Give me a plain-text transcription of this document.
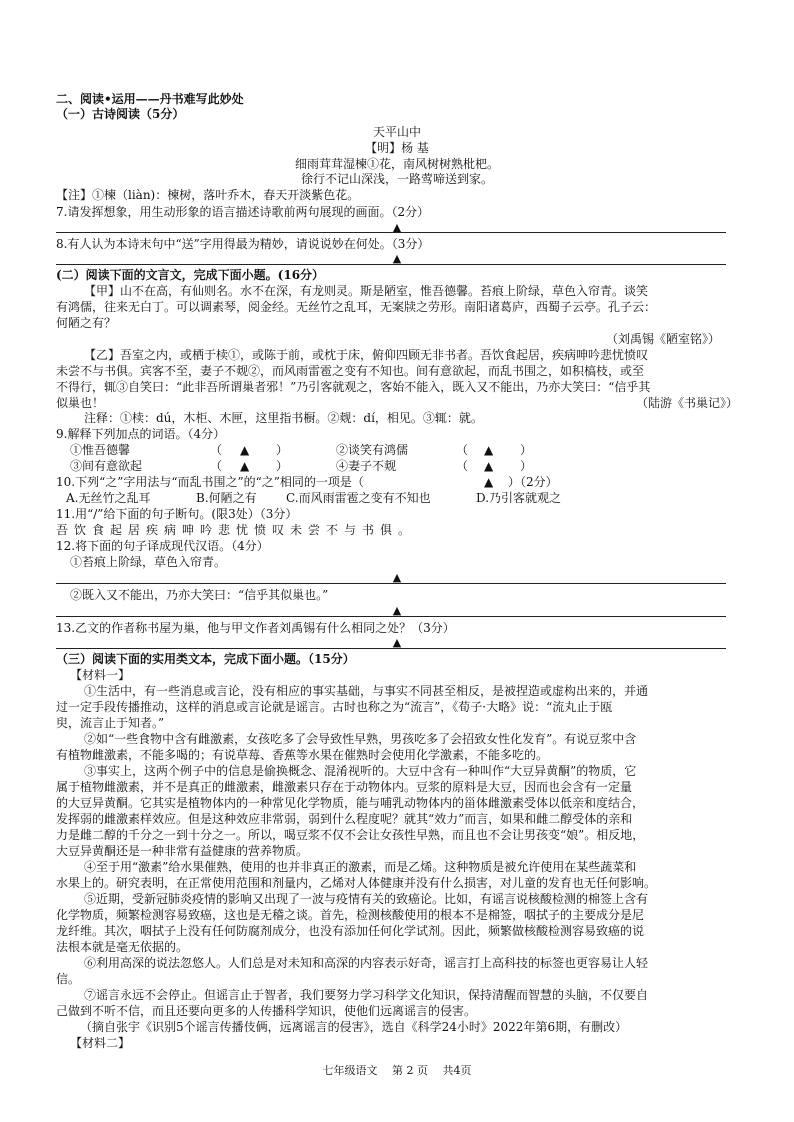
二、阅读•运用——丹书难写此妙处
（一）古诗阅读（5分）
天平山中
【明】杨 基
细雨茸茸湿楝①花，南风树树熟枇杷。
徐行不记山深浅，一路莺啼送到家。
【注】①楝（liàn)：楝树，落叶乔木，春天开淡紫色花。
7.请发挥想象，用生动形象的语言描述诗歌前两句展现的画面。（2分）
▲
8.有人认为本诗末句中“送”字用得最为精妙，请说说妙在何处。（3分）
▲
(二）阅读下面的文言文，完成下面小题。(16分）
【甲】山不在高，有仙则名。水不在深，有龙则灵。斯是陋室，惟吾德馨。苔痕上阶绿，草色入帘青。谈笑
有鸿儒，往来无白丁。可以调素琴，阅金经。无丝竹之乱耳，无案牍之劳形。南阳诸葛庐，西蜀子云亭。孔子云：
何陋之有？
（刘禹锡《陋室铭》）
【乙】吾室之内，或栖于椟①，或陈于前，或枕于床，俯仰四顾无非书者。吾饮食起居，疾病呻吟悲忧愤叹
未尝不与书俱。宾客不至，妻子不觌②，而风雨雷雹之变有不知也。间有意欲起，而乱书围之，如积槁枝，或至
不得行，辄③自笑曰：“此非吾所谓巢者邪！”乃引客就观之，客始不能入，既入又不能出，乃亦大笑曰：“信乎其
似巢也！	（陆游《书巢记》）
注释：①椟：dú，木柜、木匣，这里指书橱。②觌：dí，相见。③辄：就。
9.解释下列加点的词语。（4分）
①惟吾德馨	（ ▲ ）	②谈笑有鸿儒	（ ▲ ）
③间有意欲起	（ ▲ ）	④妻子不觌	（ ▲ ）
10.下列“之”字用法与“而乱书围之”的“之”相同的一项是（	▲ ）（2分）
A.无丝竹之乱耳	B.何陋之有 C.而风雨雷雹之变有不知也	D.乃引客就观之
11.用“/”给下面的句子断句。(限3处）（3分）
吾饮食起居疾病呻吟悲忧愤叹未尝不与书俱。
12.将下面的句子译成现代汉语。（4分）
①苔痕上阶绿，草色入帘青。
▲
②既入又不能出，乃亦大笑曰：“信乎其似巢也。”
▲
13.乙文的作者称书屋为巢，他与甲文作者刘禹锡有什么相同之处？（3分）
▲
（三）阅读下面的实用类文本，完成下面小题。（15分）
【材料一】
①生活中，有一些消息或言论，没有相应的事实基础，与事实不同甚至相反，是被捏造或虚构出来的，并通
过一定手段传播推动，这样的消息或言论就是谣言。古时也称之为“流言”，《荀子·大略》说：“流丸止于瓯
臾，流言止于知者。”
②如“一些食物中含有雌激素，女孩吃多了会导致性早熟，男孩吃多了会招致女性化发育”。有说豆浆中含
有植物雌激素，不能多喝的；有说草莓、香蕉等水果在催熟时会使用化学激素，不能多吃的。
③事实上，这两个例子中的信息是偷换概念、混淆视听的。大豆中含有一种叫作“大豆异黄酮”的物质，它
属于植物雌激素，并不是真正的雌激素，雌激素只存在于动物体内。豆浆的原料是大豆，因而也会含有一定量
的大豆异黄酮。它其实是植物体内的一种常见化学物质，能与哺乳动物体内的甾体雌激素受体以低亲和度结合，
发挥弱的雌激素样效应。但是这种效应非常弱，弱到什么程度呢？就其“效力”而言，如果和雌二醇受体的亲和
力是雌二醇的千分之一到十分之一。所以，喝豆浆不仅不会让女孩性早熟，而且也不会让男孩变“娘”。相反地，
大豆异黄酮还是一种非常有益健康的营养物质。
④至于用“激素”给水果催熟，使用的也并非真正的激素，而是乙烯。这种物质是被允许使用在某些蔬菜和
水果上的。研究表明，在正常使用范围和剂量内，乙烯对人体健康并没有什么损害，对儿童的发育也无任何影响。
⑤近期，受新冠肺炎疫情的影响又出现了一波与疫情有关的致癌论。比如，有谣言说核酸检测的棉签上含有
化学物质，频繁检测容易致癌，这也是无稽之谈。首先，检测核酸使用的根本不是棉签，咽拭子的主要成分是尼
龙纤维。其次，咽拭子上没有任何防腐剂成分，也没有添加任何化学试剂。因此，频繁做核酸检测容易致癌的说
法根本就是毫无依据的。
⑥利用高深的说法忽悠人。人们总是对未知和高深的内容表示好奇，谣言打上高科技的标签也更容易让人轻
信。
⑦谣言永远不会停止。但谣言止于智者，我们要努力学习科学文化知识，保持清醒而智慧的头脑，不仅要自
己做到不听不信，而且还要向更多的人传播科学知识，使他们远离谣言的侵害。
（摘自张宇《识别5个谣言传播伎俩，远离谣言的侵害》，选自《科学24小时》2022年第6期，有删改）
【材料二】
七年级语文　 第 2 页　 共4页
